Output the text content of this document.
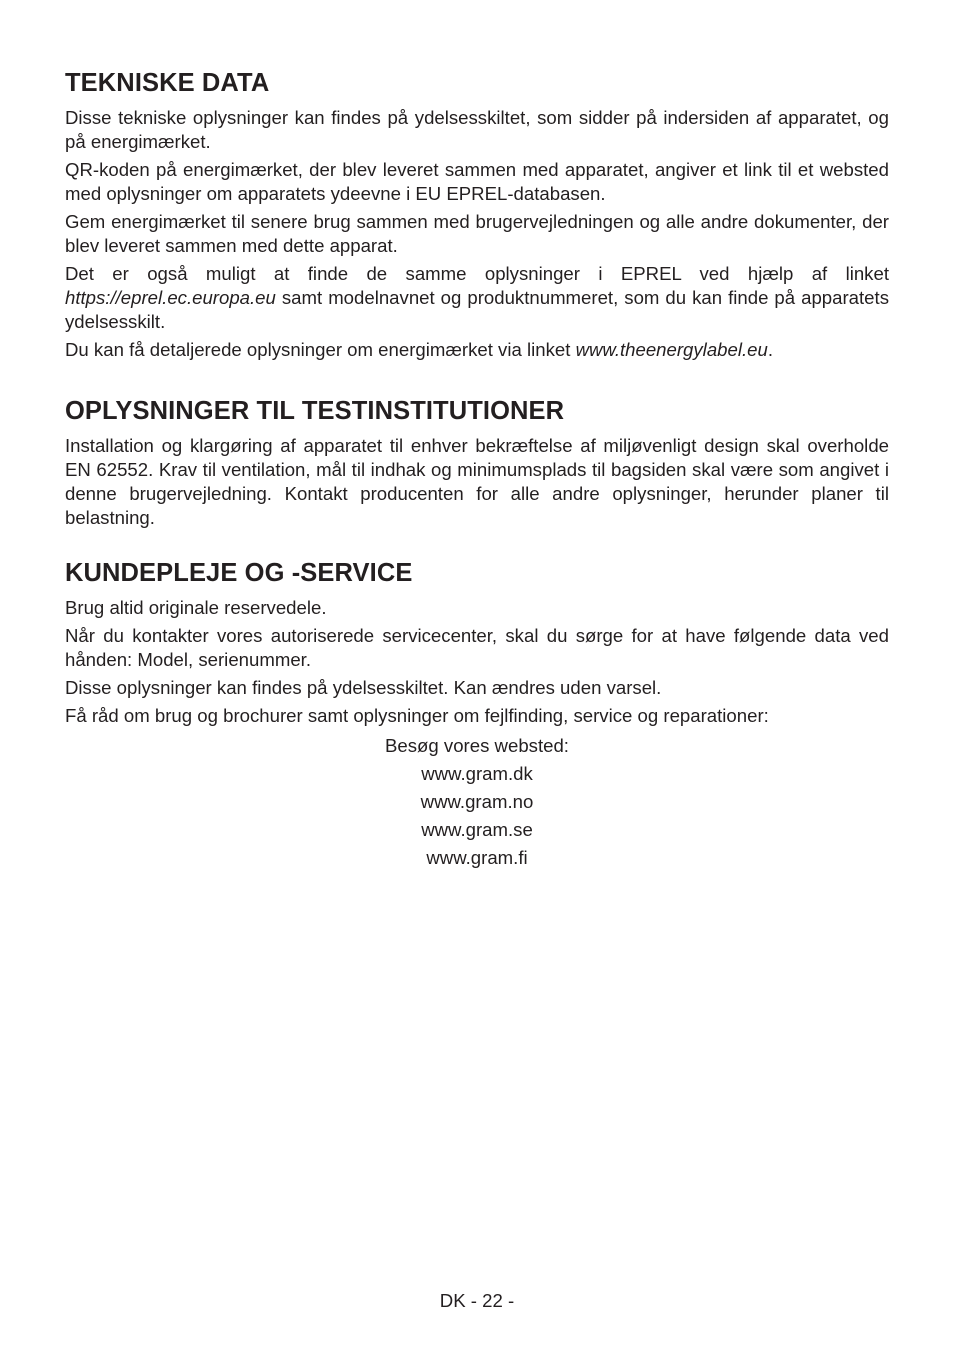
TEKNISKE DATA

Disse tekniske oplysninger kan findes på ydelsesskiltet, som sidder på indersiden af apparatet, og på energimærket.

QR-koden på energimærket, der blev leveret sammen med apparatet, angiver et link til et websted med oplysninger om apparatets ydeevne i EU EPREL-databasen.

Gem energimærket til senere brug sammen med brugervejledningen og alle andre dokumenter, der blev leveret sammen med dette apparat.

Det er også muligt at finde de samme oplysninger i EPREL ved hjælp af linket https://eprel.ec.europa.eu samt modelnavnet og produktnummeret, som du kan finde på apparatets ydelsesskilt.

Du kan få detaljerede oplysninger om energimærket via linket www.theenergylabel.eu.

OPLYSNINGER TIL TESTINSTITUTIONER

Installation og klargøring af apparatet til enhver bekræftelse af miljøvenligt design skal overholde EN 62552. Krav til ventilation, mål til indhak og minimumsplads til bagsiden skal være som angivet i denne brugervejledning. Kontakt producenten for alle andre oplysninger, herunder planer til belastning.

KUNDEPLEJE OG -SERVICE

Brug altid originale reservedele.

Når du kontakter vores autoriserede servicecenter, skal du sørge for at have følgende data ved hånden: Model, serienummer.

Disse oplysninger kan findes på ydelsesskiltet. Kan ændres uden varsel.

Få råd om brug og brochurer samt oplysninger om fejlfinding, service og reparationer:

Besøg vores websted:
www.gram.dk
www.gram.no
www.gram.se
www.gram.fi
DK - 22 -
